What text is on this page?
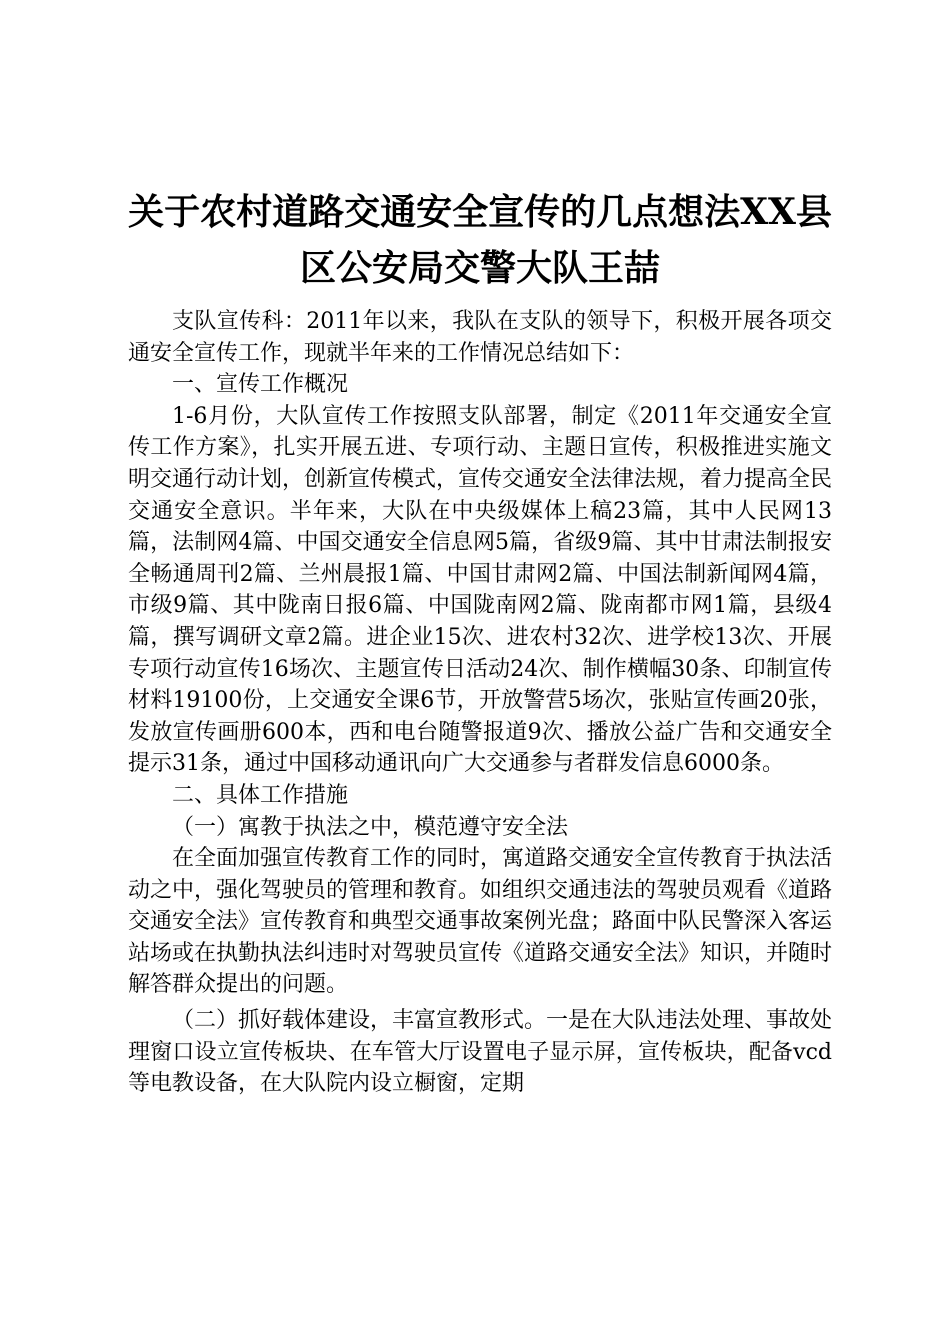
关于农村道路交通安全宣传的几点想法XX县
区公安局交警大队王喆

支队宣传科：2011年以来，我队在支队的领导下，积极开展各项交通安全宣传工作，现就半年来的工作情况总结如下：

一、宣传工作概况

1-6月份，大队宣传工作按照支队部署，制定《2011年交通安全宣传工作方案》，扎实开展五进、专项行动、主题日宣传，积极推进实施文明交通行动计划，创新宣传模式，宣传交通安全法律法规，着力提高全民交通安全意识。半年来，大队在中央级媒体上稿23篇，其中人民网13篇，法制网4篇、中国交通安全信息网5篇，省级9篇、其中甘肃法制报安全畅通周刊2篇、兰州晨报1篇、中国甘肃网2篇、中国法制新闻网4篇，市级9篇、其中陇南日报6篇、中国陇南网2篇、陇南都市网1篇，县级4篇，撰写调研文章2篇。进企业15次、进农村32次、进学校13次、开展专项行动宣传16场次、主题宣传日活动24次、制作横幅30条、印制宣传材料19100份，上交通安全课6节，开放警营5场次，张贴宣传画20张，发放宣传画册600本，西和电台随警报道9次、播放公益广告和交通安全提示31条，通过中国移动通讯向广大交通参与者群发信息6000条。

二、具体工作措施

（一）寓教于执法之中，模范遵守安全法

在全面加强宣传教育工作的同时，寓道路交通安全宣传教育于执法活动之中，强化驾驶员的管理和教育。如组织交通违法的驾驶员观看《道路交通安全法》宣传教育和典型交通事故案例光盘；路面中队民警深入客运站场或在执勤执法纠违时对驾驶员宣传《道路交通安全法》知识，并随时解答群众提出的问题。

（二）抓好载体建设，丰富宣教形式。一是在大队违法处理、事故处理窗口设立宣传板块、在车管大厅设置电子显示屏，宣传板块，配备vcd等电教设备，在大队院内设立橱窗，定期
